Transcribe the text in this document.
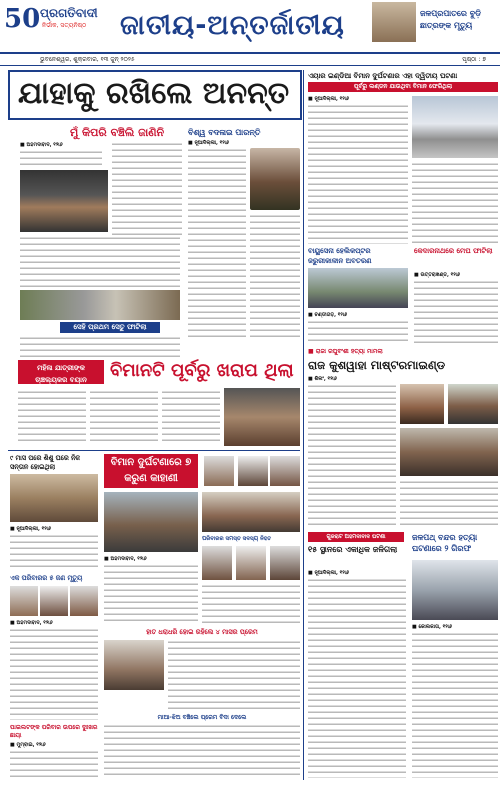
50 ପ୍ରଗତିବାଦୀ
ନିର୍ଭୀକ, ସତ୍ୟନିଷ୍ଠ ଜାତୀୟ-ଅନ୍ତର୍ଜାତୀୟ	ଜଳପ୍ରପାତରେ ବୁଡ଼ି ଛାତ୍ରଙ୍କ ମୃତ୍ୟୁ
ଭୁବନେଶ୍ୱର, ଶୁକ୍ରବାର, ୧୩ ଜୁନ୍ ୨୦୨୫	ପୃଷ୍ଠା : ୭
ଯାହାକୁ ରଖିଲେ ଅନନ୍ତ
ମୁଁ କିପରି ବଞ୍ଚିଲି ଜାଣିନି
■ ଅହମଦାବାଦ, ୧୨ା୬
ସେହି ପ୍ରଥମ ସେତୁ ଫାଟିଲା
ବିଶ୍ୱ ବଦଳାଇ ପାରନ୍ତି
■ ନୂଆଦିଲ୍ଲୀ, ୧୨ା୬
ମହିଳା ଯାତ୍ରୀଙ୍କ ଚାଞ୍ଚଲ୍ୟକର ବୟାନ	ବିମାନଟି ପୂର୍ବରୁ ଖରାପ ଥିଲା
ଏୟାର ଇଣ୍ଡିଆ ବିମାନ ଦୁର୍ଘଟଣାର ଏହା ଦ୍ୱିତୀୟ ଘଟଣା
ପୂର୍ବରୁ ଲଣ୍ଡନ ଯାଉଥିବା ବିମାନ ଫେରିଥିଲା
■ ନୂଆଦିଲ୍ଲୀ, ୧୨ା୬
ବାୟୁସେନା ହେଲିକପ୍ଟର ଜରୁରୀକାଳୀନ ଅବତରଣ
■ ଚଣ୍ଡୀଗଡ଼, ୧୨ା୬
କେଦାରନାଥରେ ମେଘ ଫାଟିଲା
■ ଉତ୍ତରାଖଣ୍ଡ, ୧୨ା୬
■ ରାଜା ରଘୁବଂଶୀ ହତ୍ୟା ମାମଲା
ରାଜ କୁଶୱାହା ମାଷ୍ଟରମାଇଣ୍ଡ
■ ଶିଲଂ, ୧୨ା୬
ଗୁଜରାଟ ଅହମଦାବାଦ ଘଟଣା
୧୫ ସ୍ଥାନରେ ଏକାଧିକ ଜଳିଗଲା
■ ନୂଆଦିଲ୍ଲୀ, ୧୨ା୬
ଜଳପଥ୍ ବନ୍ଦର ହତ୍ୟା ଘଟଣାରେ ୨ ଗିରଫ
■ କୋଲକାତା, ୧୨ା୬
୯ ମାସ ପରେ ଶିଶୁ ଘରେ ନିଜ ସନ୍ତାନ ହୋଇଥିଲା
■ ନୂଆଦିଲ୍ଲୀ, ୧୨ା୬
ଏକ ପରିବାରର ୫ ଜଣ ମୃତ୍ୟୁ
■ ଅହମଦାବାଦ, ୧୨ା୬
ପାଇଲଟଙ୍କ ପରିବାର ଉପରେ ଦୁଃଖର ଛାୟା
■ ମୁମ୍ବାଇ, ୧୨ା୬
ବିମାନ ଦୁର୍ଘଟଣାରେ ୭ କରୁଣ କାହାଣୀ
ପରିବାରର ସମସ୍ତ ସଦସ୍ୟ ନିହତ
■ ଅହମଦାବାଦ, ୧୨ା୬
ହାତ ଧରାଧରି ହୋଇ ରହିଲେ ୪ ମାସର ପ୍ରେମ
ମାଆ-ଝିଅ ବଞ୍ଚିଲେ ପ୍ରେମ ବିଦା ଦେଲେ
